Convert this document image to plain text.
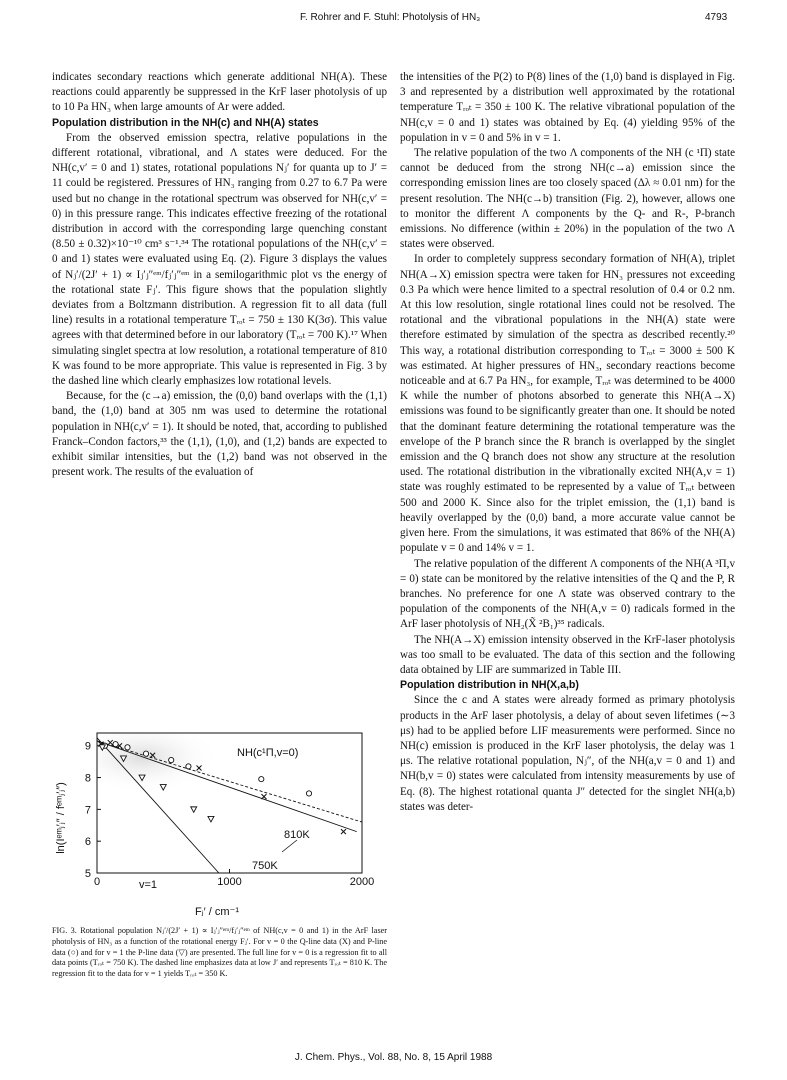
F. Rohrer and F. Stuhl: Photolysis of HN₃	4793

indicates secondary reactions which generate additional NH(A). These reactions could apparently be suppressed in the KrF laser photolysis of up to 10 Pa HN₃ when large amounts of Ar were added.

Population distribution in the NH(c) and NH(A) states

From the observed emission spectra, relative populations in the different rotational, vibrational, and Λ states were deduced. For the NH(c,v′ = 0 and 1) states, rotational populations Nⱼ′ for quanta up to J′ = 11 could be registered. Pressures of HN₃ ranging from 0.27 to 6.7 Pa were used but no change in the rotational spectrum was observed for NH(c,v′ = 0) in this pressure range. This indicates effective freezing of the rotational distribution in accord with the corresponding large quenching constant (8.50 ± 0.32)×10⁻¹⁰ cm³ s⁻¹.³⁴ The rotational populations of the NH(c,v′ = 0 and 1) states were evaluated using Eq. (2). Figure 3 displays the values of Nⱼ′/(2J′ + 1) ∝ Iⱼ′ⱼ″ᵉᵐ/fⱼ′ⱼ″ᵉᵐ in a semilogarithmic plot vs the energy of the rotational state Fⱼ′. This figure shows that the population slightly deviates from a Boltzmann distribution. A regression fit to all data (full line) results in a rotational temperature Tᵣₒₜ = 750 ± 130 K(3σ). This value agrees with that determined before in our laboratory (Tᵣₒₜ = 700 K).¹⁷ When simulating singlet spectra at low resolution, a rotational temperature of 810 K was found to be more appropriate. This value is represented in Fig. 3 by the dashed line which clearly emphasizes low rotational levels.

Because, for the (c→a) emission, the (0,0) band overlaps with the (1,1) band, the (1,0) band at 305 nm was used to determine the rotational population in NH(c,v′ = 1). It should be noted, that, according to published Franck–Condon factors,³³ the (1,1), (1,0), and (1,2) bands are expected to exhibit similar intensities, but the (1,2) band was not observed in the present work. The results of the evaluation of

5
6
7
8
9
0	1000	2000
ln(Iᵉᵐⱼ′ⱼ″ / fᵉᵐⱼ′ⱼ″)
NH(c¹Π,v=0)
810K
750K
v=1
Fⱼ′ / cm⁻¹
FIG. 3. Rotational population Nⱼ′/(2J′ + 1) ∝ Iⱼ′ⱼ″ᵉᵐ/fⱼ′ⱼ″ᵉᵐ of NH(c,v = 0 and 1) in the ArF laser photolysis of HN₃ as a function of the rotational energy Fⱼ′. For v = 0 the Q-line data (X) and P-line data (○) and for v = 1 the P-line data (▽) are presented. The full line for v = 0 is a regression fit to all data points (Tᵣₒₜ = 750 K). The dashed line emphasizes data at low J′ and represents Tᵣₒₜ = 810 K. The regression fit to the data for v = 1 yields Tᵣₒₜ = 350 K.

the intensities of the P(2) to P(8) lines of the (1,0) band is displayed in Fig. 3 and represented by a distribution well approximated by the rotational temperature Tᵣₒₜ = 350 ± 100 K. The relative vibrational population of the NH(c,v = 0 and 1) states was obtained by Eq. (4) yielding 95% of the population in v = 0 and 5% in v = 1.

The relative population of the two Λ components of the NH (c ¹Π) state cannot be deduced from the strong NH(c→a) emission since the corresponding emission lines are too closely spaced (Δλ ≈ 0.01 nm) for the present resolution. The NH(c→b) transition (Fig. 2), however, allows one to monitor the different Λ components by the Q- and R-, P-branch emissions. No difference (within ± 20%) in the population of the two Λ states were observed.

In order to completely suppress secondary formation of NH(A), triplet NH(A→X) emission spectra were taken for HN₃ pressures not exceeding 0.3 Pa which were hence limited to a spectral resolution of 0.4 or 0.2 nm. At this low resolution, single rotational lines could not be resolved. The rotational and the vibrational populations in the NH(A) state were therefore estimated by simulation of the spectra as described recently.²⁰ This way, a rotational distribution corresponding to Tᵣₒₜ = 3000 ± 500 K was estimated. At higher pressures of HN₃, secondary reactions become noticeable and at 6.7 Pa HN₃, for example, Tᵣₒₜ was determined to be 4000 K while the number of photons absorbed to generate this NH(A→X) emissions was found to be significantly greater than one. It should be noted that the dominant feature determining the rotational temperature was the envelope of the P branch since the R branch is overlapped by the singlet emission and the Q branch does not show any structure at the resolution used. The rotational distribution in the vibrationally excited NH(A,v = 1) state was roughly estimated to be represented by a value of Tᵣₒₜ between 500 and 2000 K. Since also for the triplet emission, the (1,1) band is heavily overlapped by the (0,0) band, a more accurate value cannot be given here. From the simulations, it was estimated that 86% of the NH(A) populate v = 0 and 14% v = 1.

The relative population of the different Λ components of the NH(A ³Π,v = 0) state can be monitored by the relative intensities of the Q and the P, R branches. No preference for one Λ state was observed contrary to the population of the components of the NH(A,v = 0) radicals formed in the ArF laser photolysis of NH₂(X̃ ²B₁)³⁵ radicals.

The NH(A→X) emission intensity observed in the KrF-laser photolysis was too small to be evaluated. The data of this section and the following data obtained by LIF are summarized in Table III.

Population distribution in NH(X,a,b)

Since the c and A states were already formed as primary photolysis products in the ArF laser photolysis, a delay of about seven lifetimes (∼3 μs) had to be applied before LIF measurements were performed. Since no NH(c) emission is produced in the KrF laser photolysis, the delay was 1 μs. The relative rotational population, Nⱼ″, of the NH(a,v = 0 and 1) and NH(b,v = 0) states were calculated from intensity measurements by use of Eq. (8). The highest rotational quanta J″ detected for the singlet NH(a,b) states was deter-

J. Chem. Phys., Vol. 88, No. 8, 15 April 1988
